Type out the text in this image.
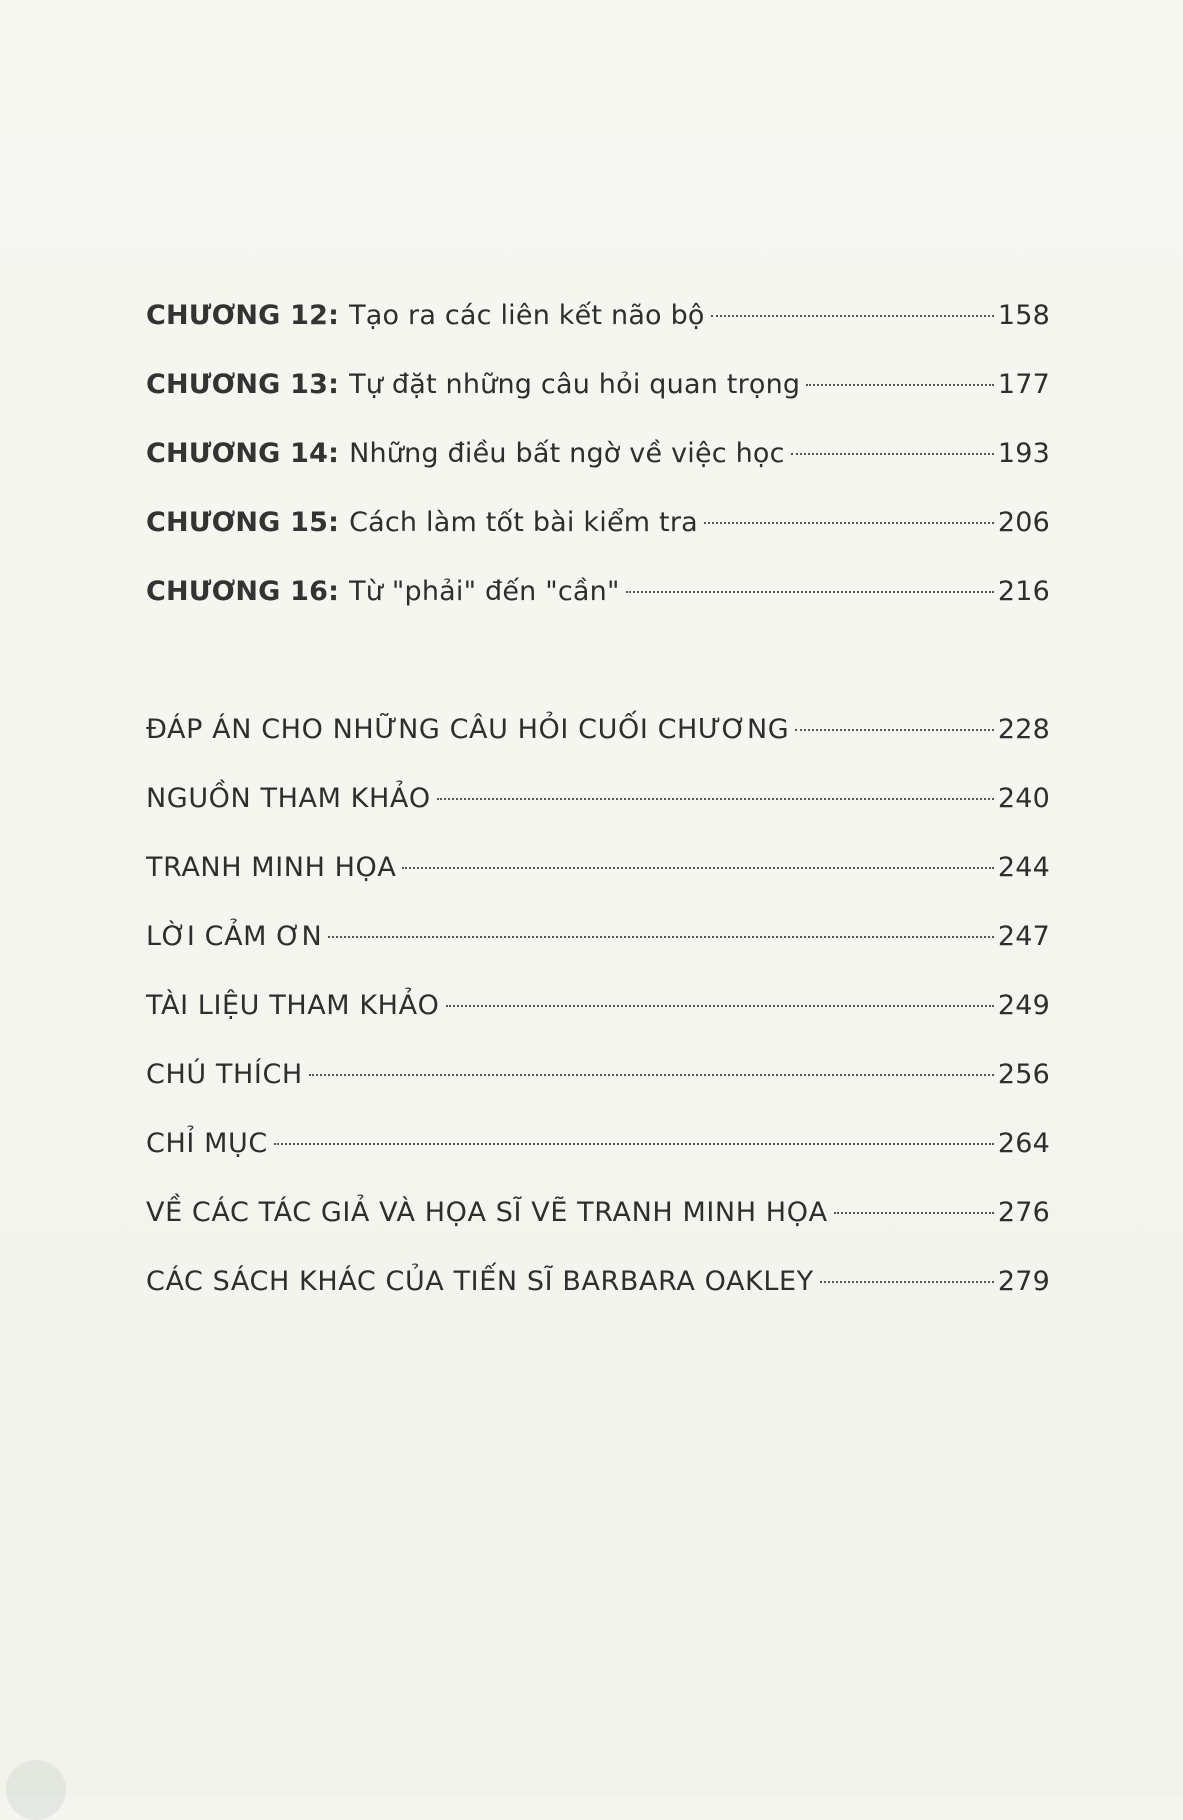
CHƯƠNG 12: Tạo ra các liên kết não bộ	158
CHƯƠNG 13: Tự đặt những câu hỏi quan trọng	177
CHƯƠNG 14: Những điều bất ngờ về việc học	193
CHƯƠNG 15: Cách làm tốt bài kiểm tra	206
CHƯƠNG 16: Từ "phải" đến "cần"	216
ĐÁP ÁN CHO NHỮNG CÂU HỎI CUỐI CHƯƠNG	228
NGUỒN THAM KHẢO	240
TRANH MINH HỌA	244
LỜI CẢM ƠN	247
TÀI LIỆU THAM KHẢO	249
CHÚ THÍCH	256
CHỈ MỤC	264
VỀ CÁC TÁC GIẢ VÀ HỌA SĨ VẼ TRANH MINH HỌA	276
CÁC SÁCH KHÁC CỦA TIẾN SĨ BARBARA OAKLEY	279
